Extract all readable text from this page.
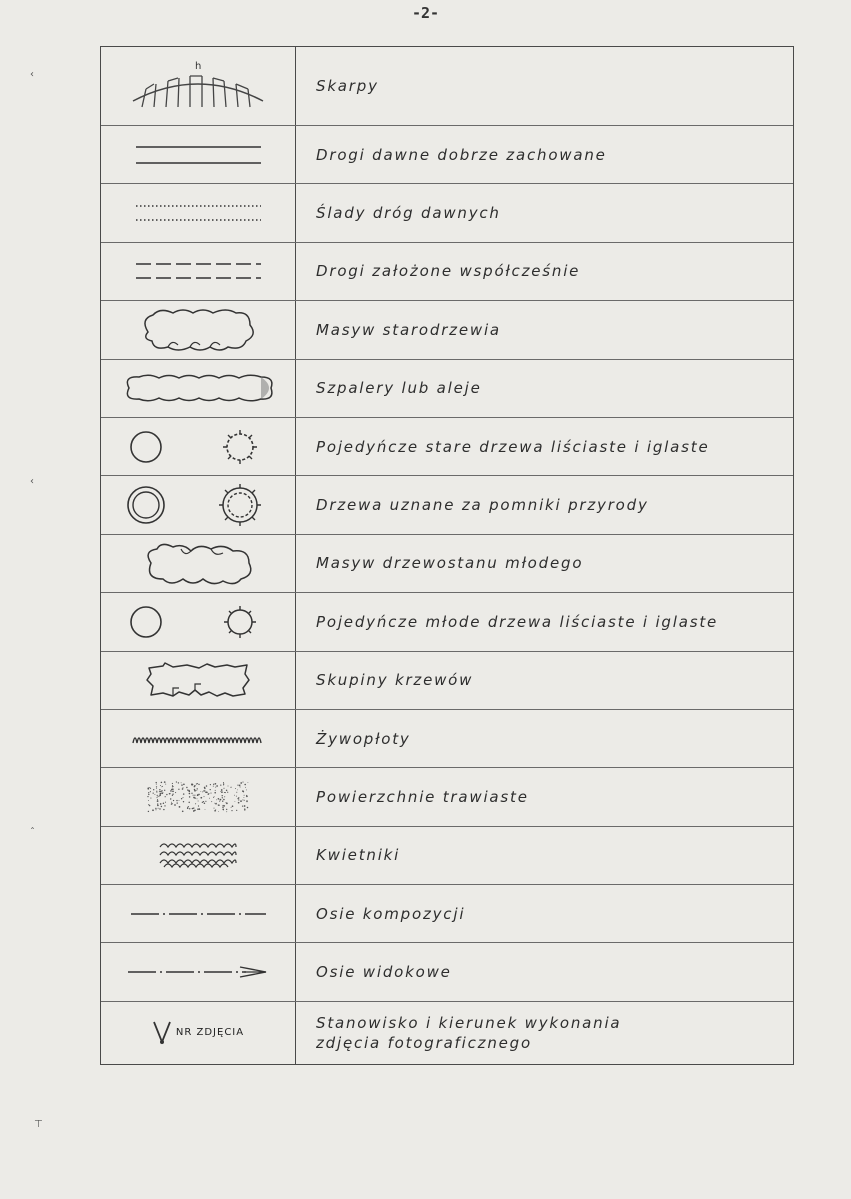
-2-
‹
‹
ˆ
⊤
h
Skarpy
Drogi dawne dobrze zachowane
Ślady dróg dawnych
Drogi założone współcześnie
Masyw starodrzewia
Szpalery lub aleje
Pojedyńcze stare drzewa liściaste i iglaste
Drzewa uznane za pomniki przyrody
Masyw drzewostanu młodego
Pojedyńcze młode drzewa liściaste i iglaste
Skupiny krzewów
Żywopłoty
Powierzchnie trawiaste
Kwietniki
Osie kompozycji
Osie widokowe
NR ZDJĘCIA
Stanowisko i kierunek wykonania
zdjęcia fotograficznego
